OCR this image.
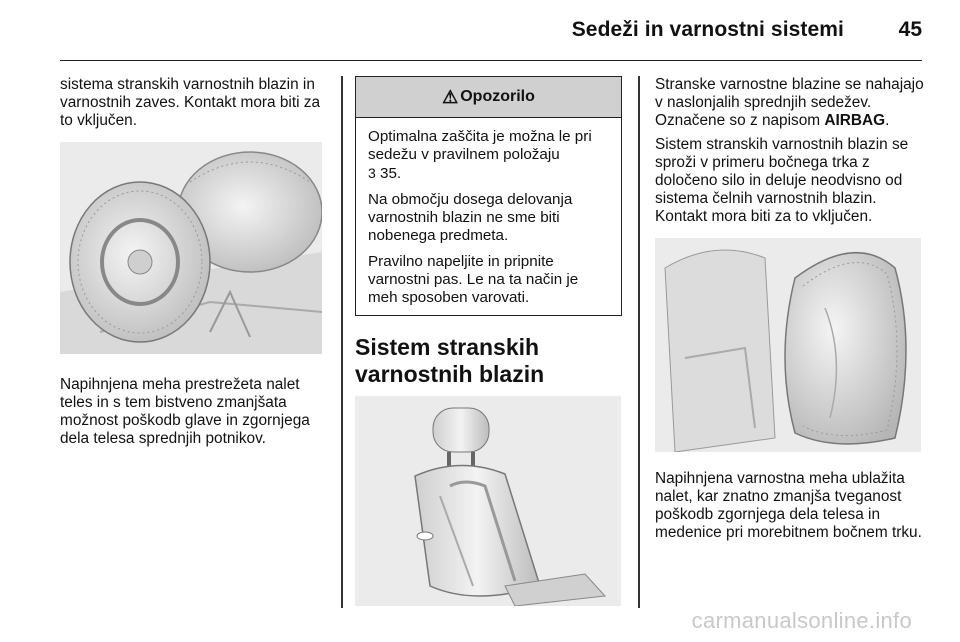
Sedeži in varnostni sistemi	45

sistema stranskih varnostnih blazin in varnostnih zaves. Kontakt mora biti za to vključen.

Napihnjena meha prestrežeta nalet teles in s tem bistveno zmanjšata možnost poškodb glave in zgornjega dela telesa sprednjih potnikov.

⚠ Opozorilo

Optimalna zaščita je možna le pri sedežu v pravilnem položaju
3 35.

Na območju dosega delovanja varnostnih blazin ne sme biti nobenega predmeta.

Pravilno napeljite in pripnite varnostni pas. Le na ta način je meh sposoben varovati.

Sistem stranskih
varnostnih blazin

Stranske varnostne blazine se nahajajo v naslonjalih sprednjih sedežev. Označene so z napisom AIRBAG.

Sistem stranskih varnostnih blazin se sproži v primeru bočnega trka z določeno silo in deluje neodvisno od sistema čelnih varnostnih blazin. Kontakt mora biti za to vključen.

Napihnjena varnostna meha ublažita nalet, kar znatno zmanjša tveganost poškodb zgornjega dela telesa in medenice pri morebitnem bočnem trku.

carmanualsonline.info
